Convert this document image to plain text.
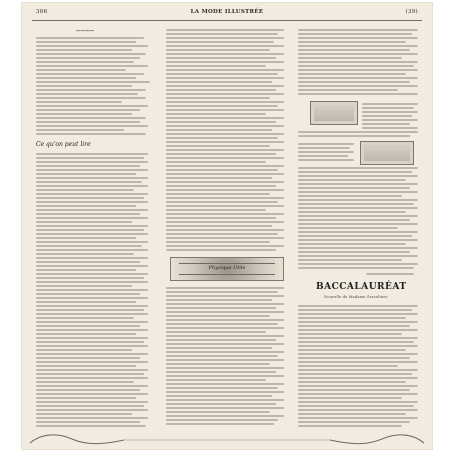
306	LA MODE ILLUSTRÉE	(39)
————
Ce qu'on peut lire
Physique Utile
BACCALAURÉAT
Nouvelle de Madame Gravelines
